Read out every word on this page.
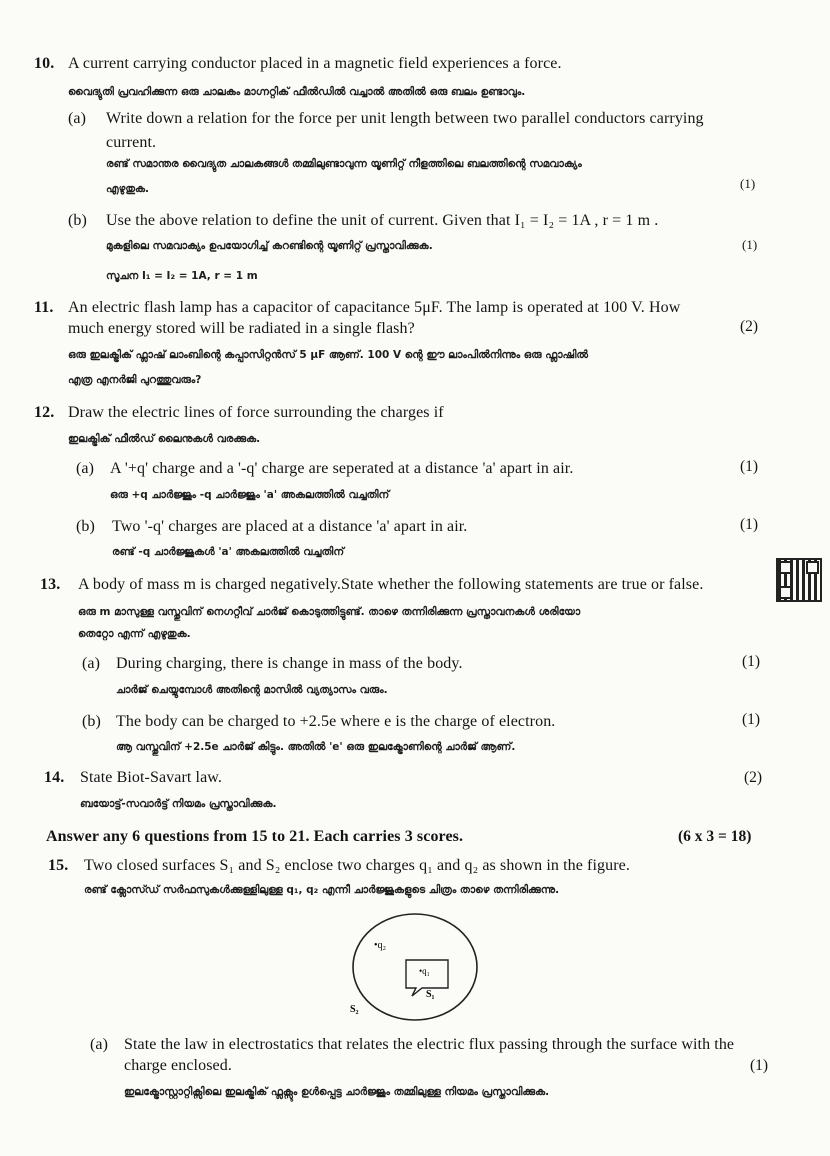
10. A current carrying conductor placed in a magnetic field experiences a force.
വൈദ്യുതി പ്രവഹിക്കുന്ന ഒരു ചാലകം മാഗ്നറ്റിക് ഫീൽഡിൽ വച്ചാൽ അതിൽ ഒരു ബലം ഉണ്ടാവും.
(a) Write down a relation for the force per unit length between two parallel conductors carrying
current.
രണ്ട് സമാന്തര വൈദ്യുത ചാലകങ്ങൾ തമ്മിലുണ്ടാവുന്ന യൂണിറ്റ് നീളത്തിലെ ബലത്തിന്റെ സമവാക്യം
എഴുതുക.	(1)
(b) Use the above relation to define the unit of current. Given that I₁ = I₂ = 1A , r = 1 m .
മുകളിലെ സമവാക്യം ഉപയോഗിച്ച് കറണ്ടിന്റെ യൂണിറ്റ് പ്രസ്താവിക്കുക.	(1)
സൂചന I₁ = I₂ = 1A, r = 1 m
11. An electric flash lamp has a capacitor of capacitance 5μF. The lamp is operated at 100 V. How
much energy stored will be radiated in a single flash?	(2)
ഒരു ഇലക്ട്രിക് ഫ്ലാഷ് ലാംബിന്റെ കപ്പാസിറ്റൻസ് 5 μF ആണ്. 100 V ന്റെ ഈ ലാംപിൽനിന്നും ഒരു ഫ്ലാഷിൽ
എത്ര എനർജി പുറത്തുവരും?
12. Draw the electric lines of force surrounding the charges if
ഇലക്ട്രിക് ഫീൽഡ് ലൈനുകൾ വരക്കുക.
(a) A '+q' charge and a '-q' charge are seperated at a distance 'a' apart in air.	(1)
ഒരു +q ചാർജ്ജും -q ചാർജ്ജും 'a' അകലത്തിൽ വച്ചതിന്
(b) Two '-q' charges are placed at a distance 'a' apart in air.	(1)
രണ്ട് -q ചാർജ്ജുകൾ 'a' അകലത്തിൽ വച്ചതിന്
13. A body of mass m is charged negatively.State whether the following statements are true or false.
ഒരു m മാസുള്ള വസ്തുവിന് നെഗറ്റീവ് ചാർജ് കൊടുത്തിട്ടുണ്ട്. താഴെ തന്നിരിക്കുന്ന പ്രസ്താവനകൾ ശരിയോ
തെറ്റോ എന്ന് എഴുതുക.
(a) During charging, there is change in mass of the body.	(1)
ചാർജ് ചെയ്യുമ്പോൾ അതിന്റെ മാസിൽ വ്യത്യാസം വരും.
(b) The body can be charged to +2.5e where e is the charge of electron.	(1)
ആ വസ്തുവിന് +2.5e ചാർജ് കിട്ടും. അതിൽ 'e' ഒരു ഇലക്ട്രോണിന്റെ ചാർജ് ആണ്.
14. State Biot-Savart law.	(2)
ബയോട്ട്-സവാർട്ട് നിയമം പ്രസ്താവിക്കുക.
Answer any 6 questions from 15 to 21. Each carries 3 scores.	(6 x 3 = 18)
15. Two closed surfaces S₁ and S₂ enclose two charges q₁ and q₂ as shown in the figure.
രണ്ട് ക്ലോസ്ഡ് സർഫസുകൾക്കുള്ളിലുള്ള q₁, q₂ എന്നീ ചാർജ്ജുകളുടെ ചിത്രം താഴെ തന്നിരിക്കുന്നു.
•q₂
•q₁
S₁
S₂
(a) State the law in electrostatics that relates the electric flux passing through the surface with the
charge enclosed.	(1)
ഇലക്ട്രോസ്റ്റാറ്റിക്സിലെ ഇലക്ട്രിക് ഫ്ലക്സും ഉൾപ്പെട്ട ചാർജ്ജും തമ്മിലുള്ള നിയമം പ്രസ്താവിക്കുക.
